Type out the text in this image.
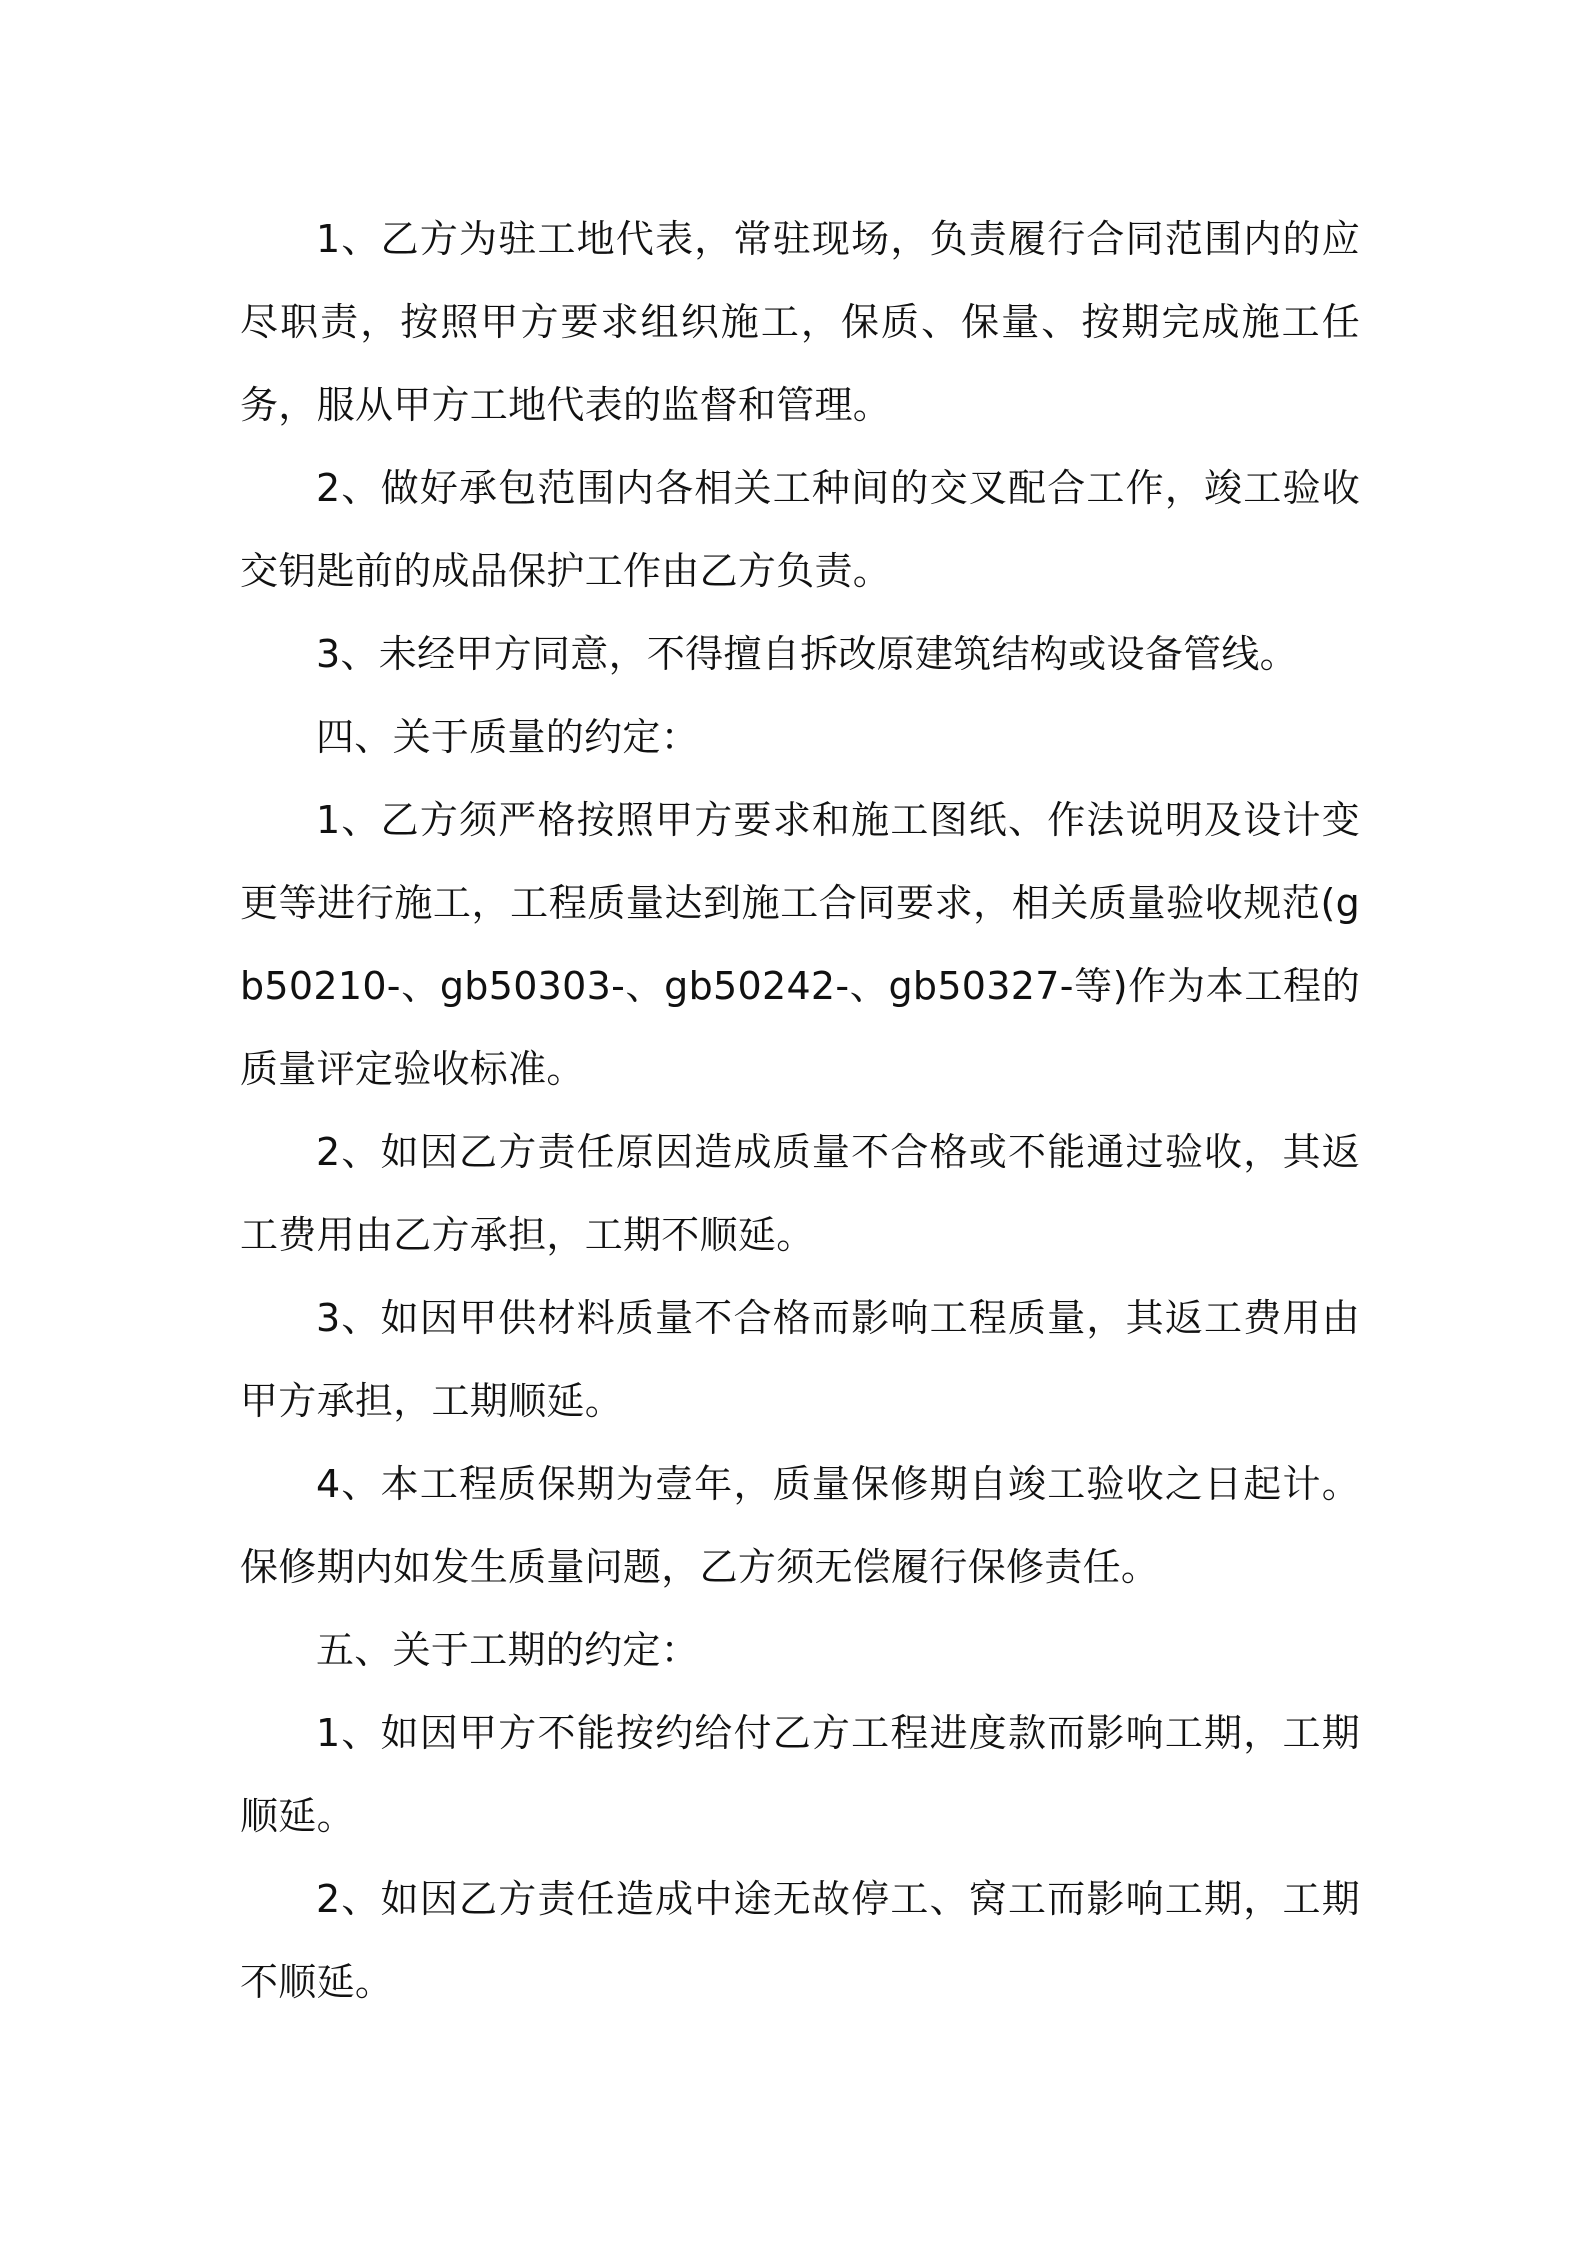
1、乙方为驻工地代表，常驻现场，负责履行合同范围内的应尽职责，按照甲方要求组织施工，保质、保量、按期完成施工任务，服从甲方工地代表的监督和管理。

2、做好承包范围内各相关工种间的交叉配合工作，竣工验收交钥匙前的成品保护工作由乙方负责。

3、未经甲方同意，不得擅自拆改原建筑结构或设备管线。

四、关于质量的约定：

1、乙方须严格按照甲方要求和施工图纸、作法说明及设计变更等进行施工，工程质量达到施工合同要求，相关质量验收规范(gb50210-、gb50303-、gb50242-、gb50327-等)作为本工程的质量评定验收标准。

2、如因乙方责任原因造成质量不合格或不能通过验收，其返工费用由乙方承担，工期不顺延。

3、如因甲供材料质量不合格而影响工程质量，其返工费用由甲方承担，工期顺延。

4、本工程质保期为壹年，质量保修期自竣工验收之日起计。保修期内如发生质量问题，乙方须无偿履行保修责任。

五、关于工期的约定：

1、如因甲方不能按约给付乙方工程进度款而影响工期，工期顺延。

2、如因乙方责任造成中途无故停工、窝工而影响工期，工期不顺延。
